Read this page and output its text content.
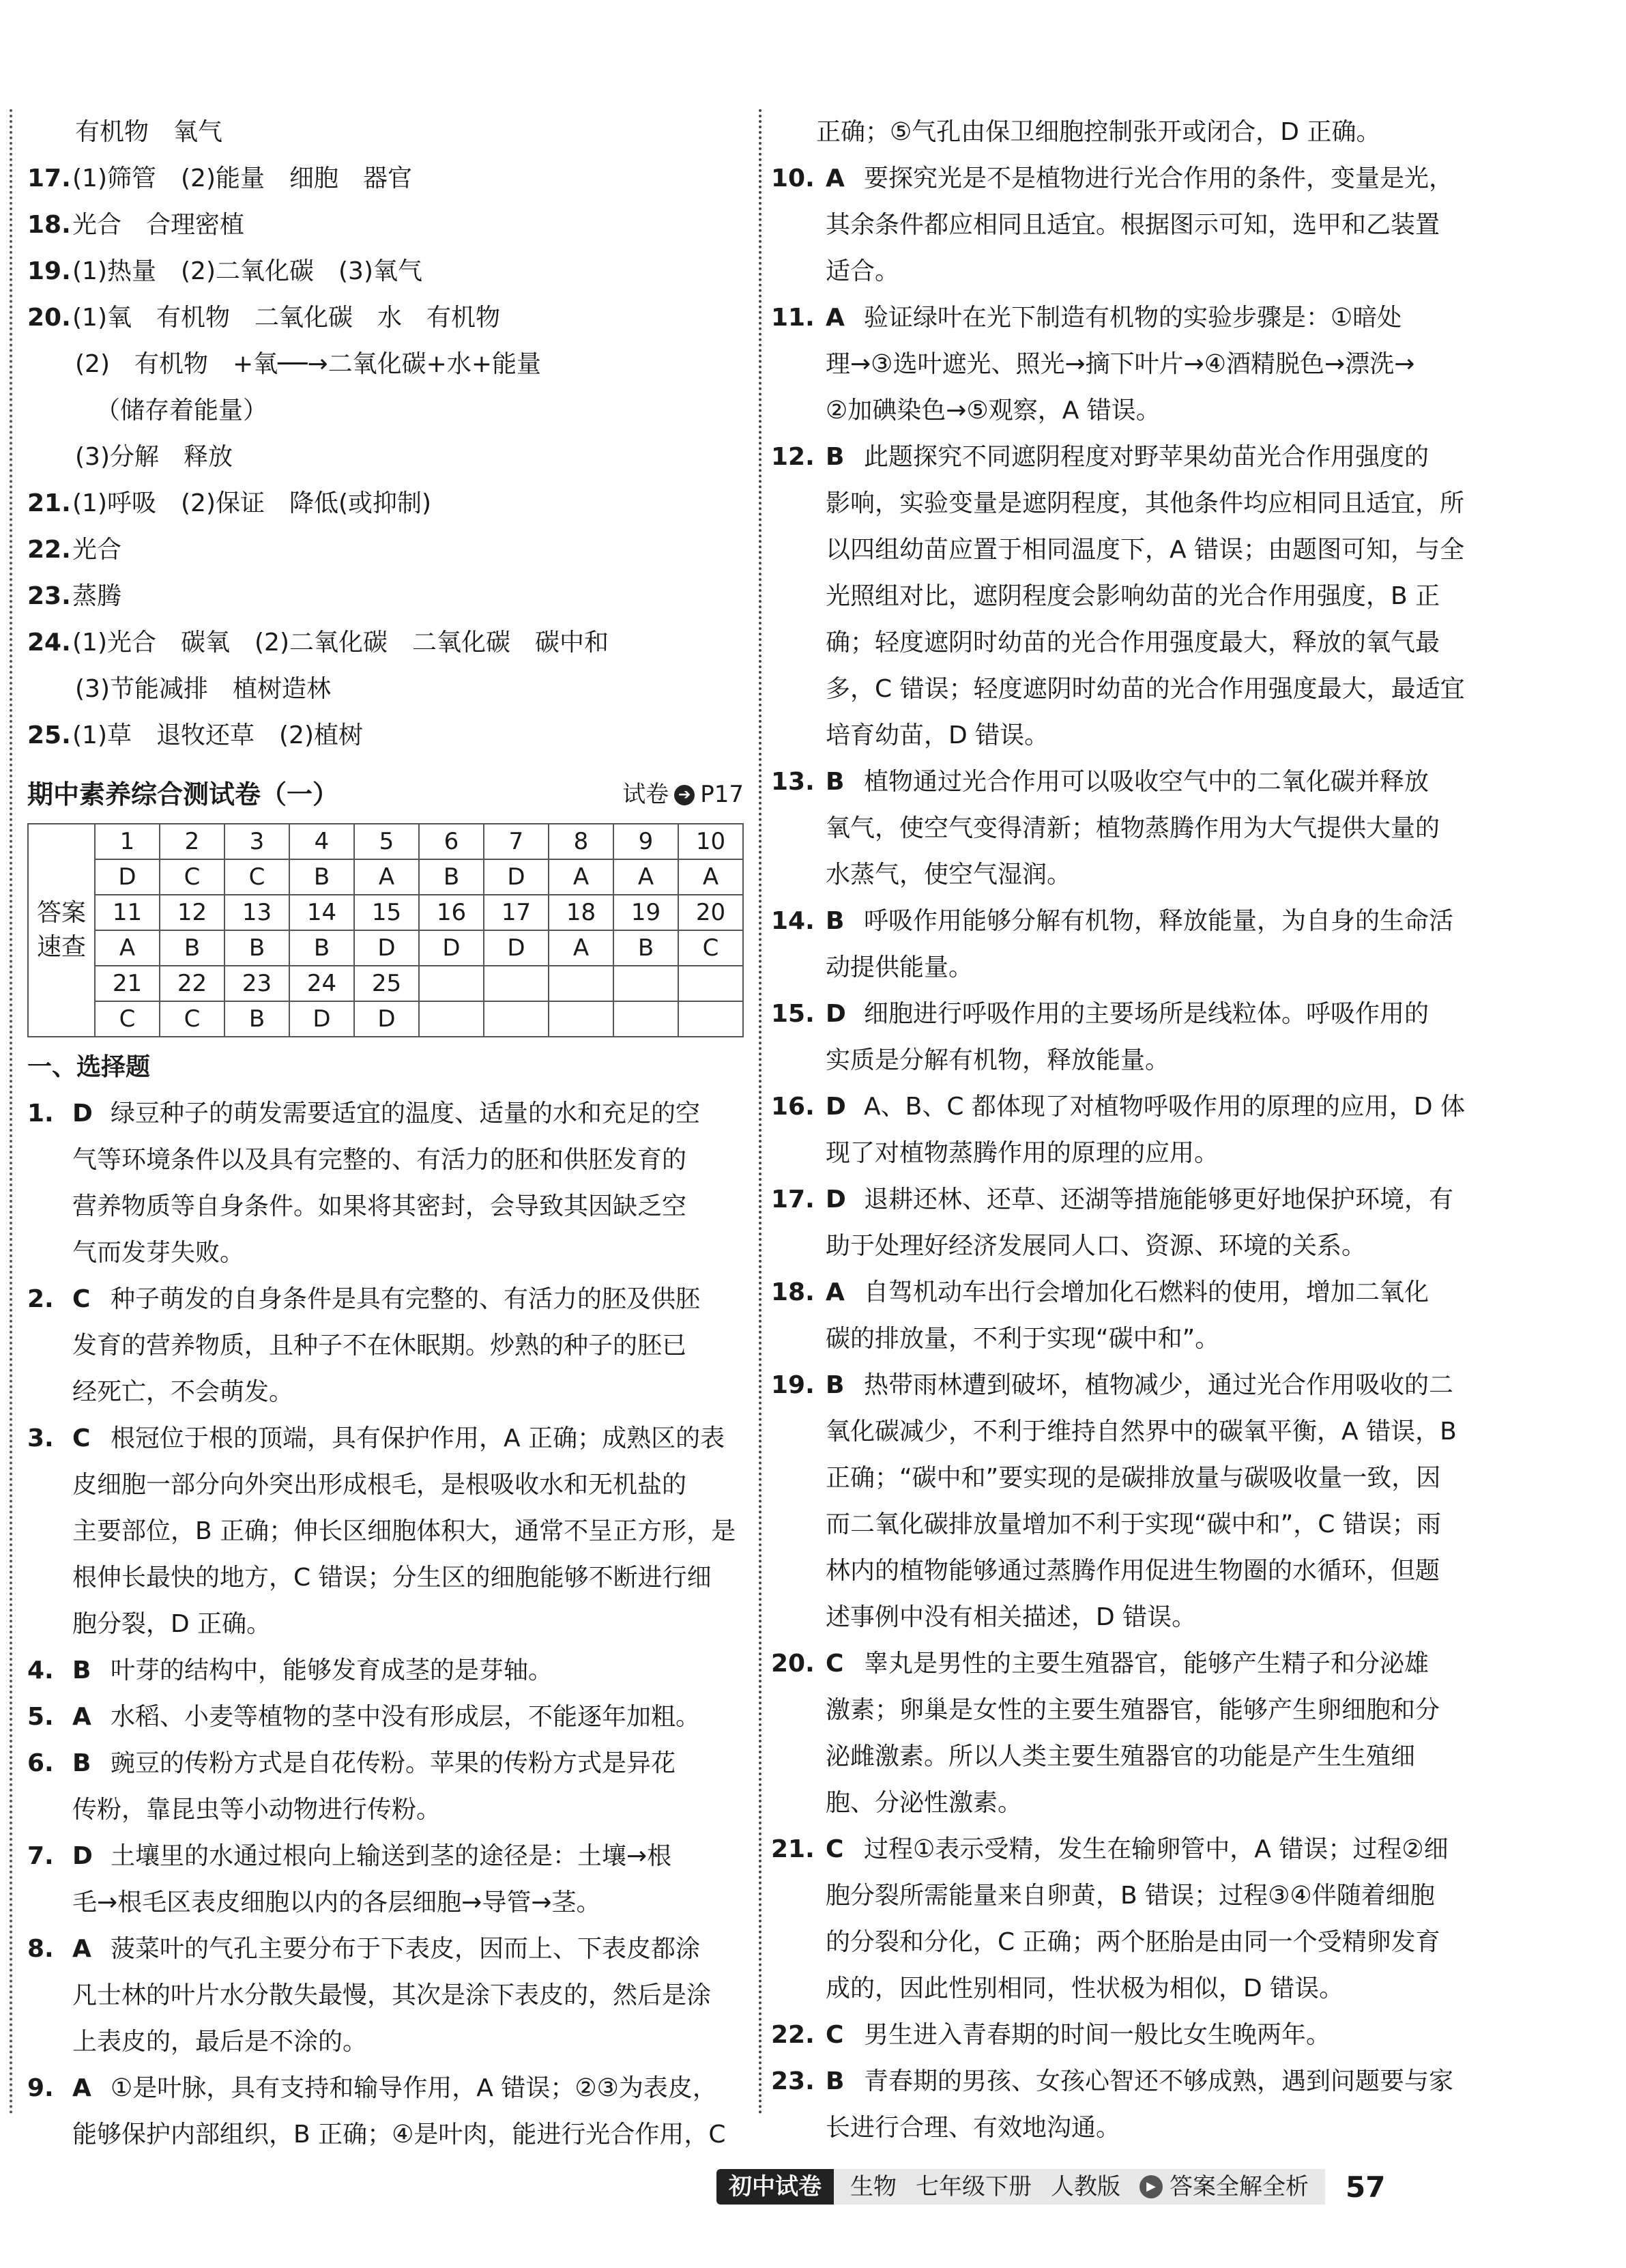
有机物　氧气
17.(1)筛管　(2)能量　细胞　器官
18.光合　合理密植
19.(1)热量　(2)二氧化碳　(3)氧气
20.(1)氧　有机物　二氧化碳　水　有机物
(2)　有机物　+氧──→二氧化碳+水+能量
（储存着能量）
(3)分解　释放
21.(1)呼吸　(2)保证　降低(或抑制)
22.光合
23.蒸腾
24.(1)光合　碳氧　(2)二氧化碳　二氧化碳　碳中和
(3)节能减排　植树造林
25.(1)草　退牧还草　(2)植树
期中素养综合测试卷（一）	试卷 ➔ P17
答案
速查	1	2	3	4	5	6	7	8	9	10
	D	C	C	B	A	B	D	A	A	A
	11	12	13	14	15	16	17	18	19	20
	A	B	B	B	D	D	D	A	B	C
	21	22	23	24	25					
	C	C	B	D	D					
一、选择题
1. D 绿豆种子的萌发需要适宜的温度、适量的水和充足的空
气等环境条件以及具有完整的、有活力的胚和供胚发育的
营养物质等自身条件。如果将其密封，会导致其因缺乏空
气而发芽失败。
2. C 种子萌发的自身条件是具有完整的、有活力的胚及供胚
发育的营养物质，且种子不在休眠期。炒熟的种子的胚已
经死亡，不会萌发。
3. C 根冠位于根的顶端，具有保护作用，A 正确；成熟区的表
皮细胞一部分向外突出形成根毛，是根吸收水和无机盐的
主要部位，B 正确；伸长区细胞体积大，通常不呈正方形，是
根伸长最快的地方，C 错误；分生区的细胞能够不断进行细
胞分裂，D 正确。
4. B 叶芽的结构中，能够发育成茎的是芽轴。
5. A 水稻、小麦等植物的茎中没有形成层，不能逐年加粗。
6. B 豌豆的传粉方式是自花传粉。苹果的传粉方式是异花
传粉，靠昆虫等小动物进行传粉。
7. D 土壤里的水通过根向上输送到茎的途径是：土壤→根
毛→根毛区表皮细胞以内的各层细胞→导管→茎。
8. A 菠菜叶的气孔主要分布于下表皮，因而上、下表皮都涂
凡士林的叶片水分散失最慢，其次是涂下表皮的，然后是涂
上表皮的，最后是不涂的。
9. A ①是叶脉，具有支持和输导作用，A 错误；②③为表皮，
能够保护内部组织，B 正确；④是叶肉，能进行光合作用，C
正确；⑤气孔由保卫细胞控制张开或闭合，D 正确。
10. A 要探究光是不是植物进行光合作用的条件，变量是光，
其余条件都应相同且适宜。根据图示可知，选甲和乙装置
适合。
11. A 验证绿叶在光下制造有机物的实验步骤是：①暗处
理→③选叶遮光、照光→摘下叶片→④酒精脱色→漂洗→
②加碘染色→⑤观察，A 错误。
12. B 此题探究不同遮阴程度对野苹果幼苗光合作用强度的
影响，实验变量是遮阴程度，其他条件均应相同且适宜，所
以四组幼苗应置于相同温度下，A 错误；由题图可知，与全
光照组对比，遮阴程度会影响幼苗的光合作用强度，B 正
确；轻度遮阴时幼苗的光合作用强度最大，释放的氧气最
多，C 错误；轻度遮阴时幼苗的光合作用强度最大，最适宜
培育幼苗，D 错误。
13. B 植物通过光合作用可以吸收空气中的二氧化碳并释放
氧气，使空气变得清新；植物蒸腾作用为大气提供大量的
水蒸气，使空气湿润。
14. B 呼吸作用能够分解有机物，释放能量，为自身的生命活
动提供能量。
15. D 细胞进行呼吸作用的主要场所是线粒体。呼吸作用的
实质是分解有机物，释放能量。
16. D A、B、C 都体现了对植物呼吸作用的原理的应用，D 体
现了对植物蒸腾作用的原理的应用。
17. D 退耕还林、还草、还湖等措施能够更好地保护环境，有
助于处理好经济发展同人口、资源、环境的关系。
18. A 自驾机动车出行会增加化石燃料的使用，增加二氧化
碳的排放量，不利于实现“碳中和”。
19. B 热带雨林遭到破坏，植物减少，通过光合作用吸收的二
氧化碳减少，不利于维持自然界中的碳氧平衡，A 错误，B
正确；“碳中和”要实现的是碳排放量与碳吸收量一致，因
而二氧化碳排放量增加不利于实现“碳中和”，C 错误；雨
林内的植物能够通过蒸腾作用促进生物圈的水循环，但题
述事例中没有相关描述，D 错误。
20. C 睾丸是男性的主要生殖器官，能够产生精子和分泌雄
激素；卵巢是女性的主要生殖器官，能够产生卵细胞和分
泌雌激素。所以人类主要生殖器官的功能是产生生殖细
胞、分泌性激素。
21. C 过程①表示受精，发生在输卵管中，A 错误；过程②细
胞分裂所需能量来自卵黄，B 错误；过程③④伴随着细胞
的分裂和分化，C 正确；两个胚胎是由同一个受精卵发育
成的，因此性别相同，性状极为相似，D 错误。
22. C 男生进入青春期的时间一般比女生晚两年。
23. B 青春期的男孩、女孩心智还不够成熟，遇到问题要与家
长进行合理、有效地沟通。
初中试卷	生物 七年级下册 人教版	▶ 答案全解全析 57
